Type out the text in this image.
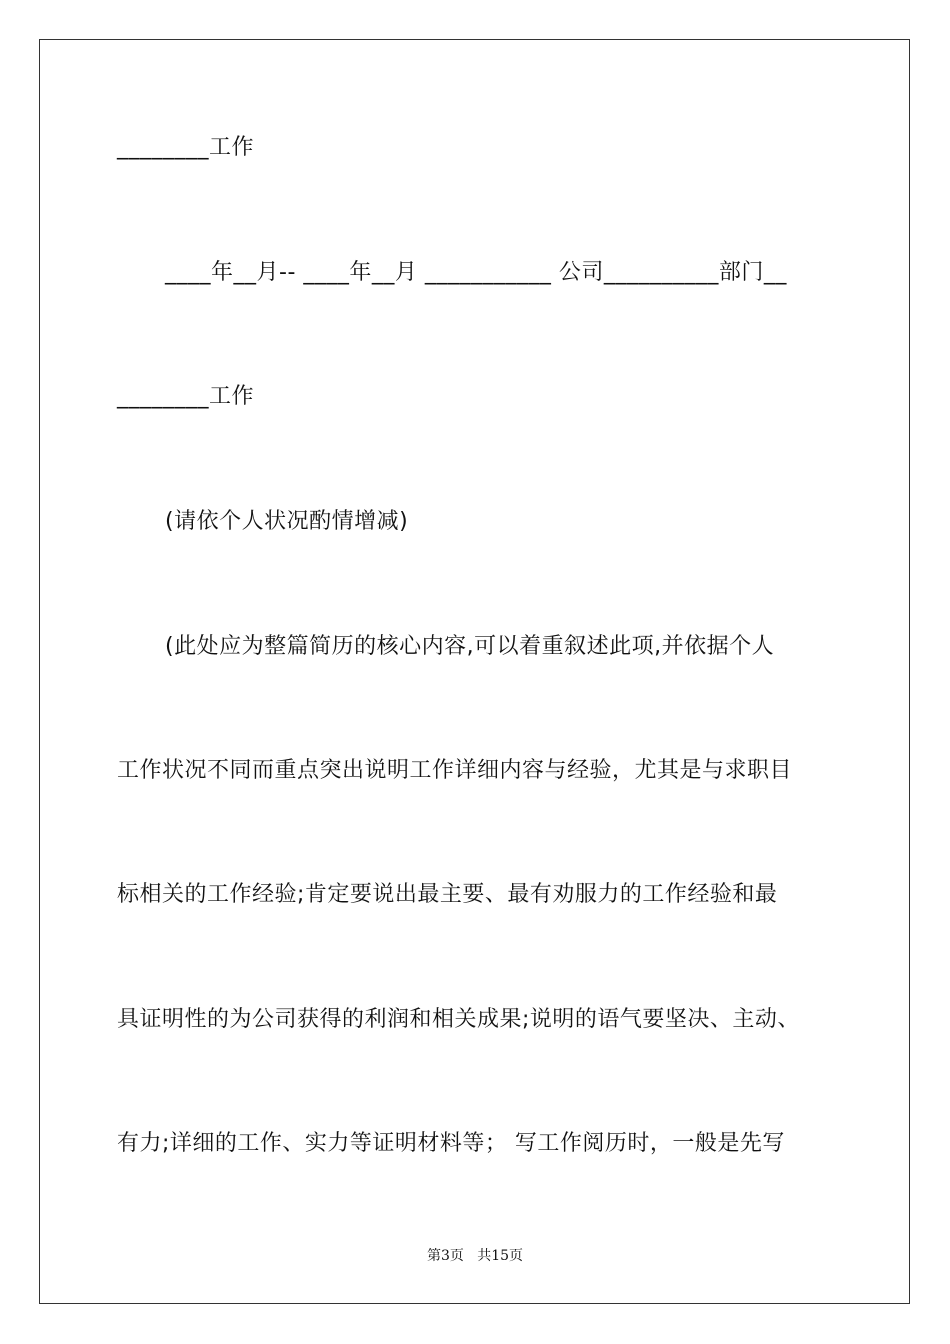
________工作
____年__月-- ____年__月 ___________ 公司__________部门__
________工作
(请依个人状况酌情增减)
(此处应为整篇简历的核心内容,可以着重叙述此项,并依据个人
工作状况不同而重点突出说明工作详细内容与经验，尤其是与求职目
标相关的工作经验;肯定要说出最主要、最有劝服力的工作经验和最
具证明性的为公司获得的利润和相关成果;说明的语气要坚决、主动、
有力;详细的工作、实力等证明材料等； 写工作阅历时，一般是先写
第3页   共15页
